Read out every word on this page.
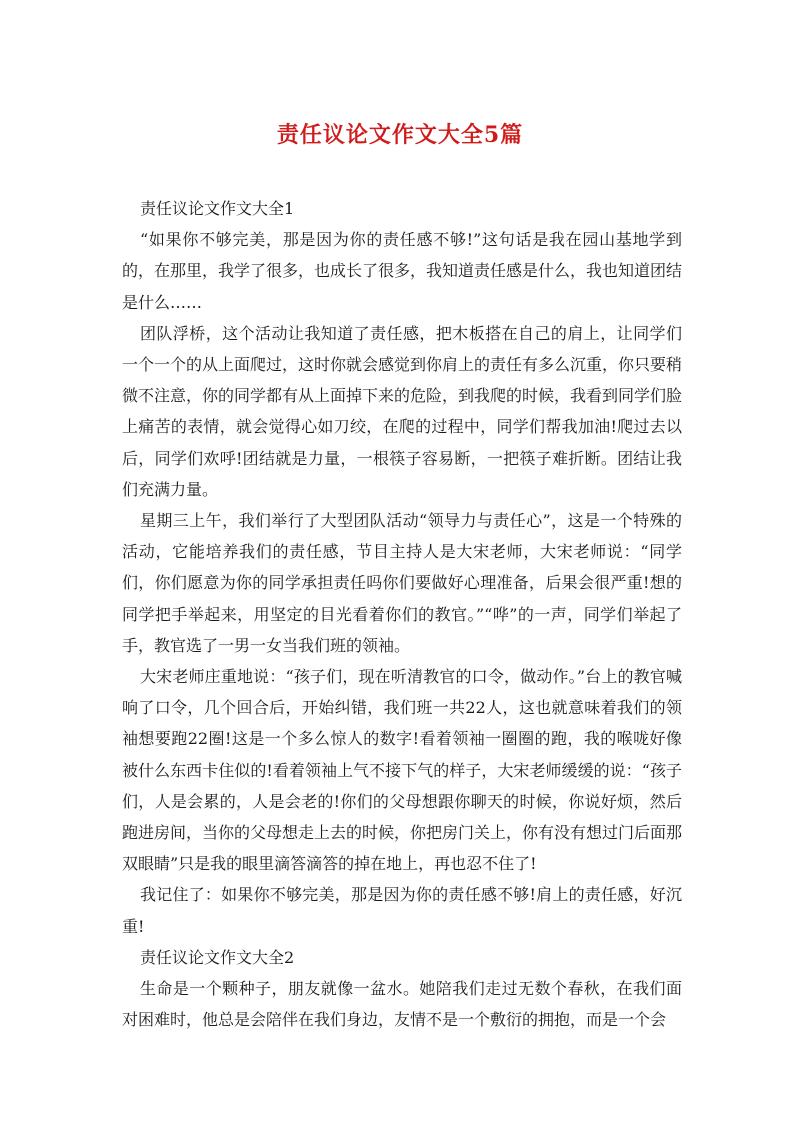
责任议论文作文大全5篇

责任议论文作文大全1

“如果你不够完美，那是因为你的责任感不够!”这句话是我在园山基地学到的，在那里，我学了很多，也成长了很多，我知道责任感是什么，我也知道团结是什么……

团队浮桥，这个活动让我知道了责任感，把木板搭在自己的肩上，让同学们一个一个的从上面爬过，这时你就会感觉到你肩上的责任有多么沉重，你只要稍微不注意，你的同学都有从上面掉下来的危险，到我爬的时候，我看到同学们脸上痛苦的表情，就会觉得心如刀绞，在爬的过程中，同学们帮我加油!爬过去以后，同学们欢呼!团结就是力量，一根筷子容易断，一把筷子难折断。团结让我们充满力量。

星期三上午，我们举行了大型团队活动“领导力与责任心”，这是一个特殊的活动，它能培养我们的责任感，节目主持人是大宋老师，大宋老师说：“同学们，你们愿意为你的同学承担责任吗你们要做好心理准备，后果会很严重!想的同学把手举起来，用坚定的目光看着你们的教官。”“哗”的一声，同学们举起了手，教官选了一男一女当我们班的领袖。

大宋老师庄重地说：“孩子们，现在听清教官的口令，做动作。”台上的教官喊响了口令，几个回合后，开始纠错，我们班一共22人，这也就意味着我们的领袖想要跑22圈!这是一个多么惊人的数字!看着领袖一圈圈的跑，我的喉咙好像被什么东西卡住似的!看着领袖上气不接下气的样子，大宋老师缓缓的说：“孩子们，人是会累的，人是会老的!你们的父母想跟你聊天的时候，你说好烦，然后跑进房间，当你的父母想走上去的时候，你把房门关上，你有没有想过门后面那双眼睛”只是我的眼里滴答滴答的掉在地上，再也忍不住了!

我记住了：如果你不够完美，那是因为你的责任感不够!肩上的责任感，好沉重!

责任议论文作文大全2

生命是一个颗种子，朋友就像一盆水。她陪我们走过无数个春秋，在我们面对困难时，他总是会陪伴在我们身边，友情不是一个敷衍的拥抱，而是一个会
